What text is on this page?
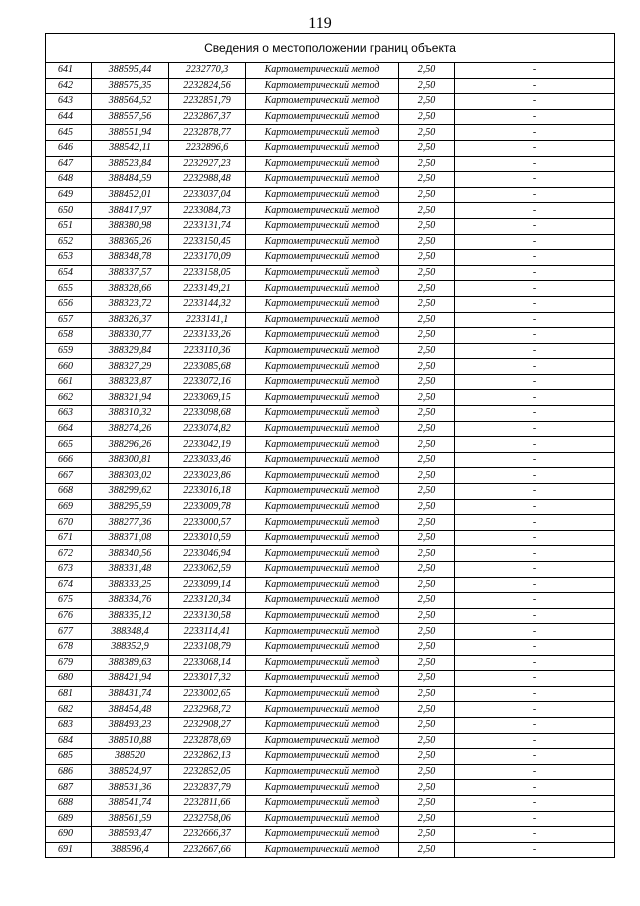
119
Сведения о местоположении границ объекта					
641	388595,44	2232770,3	Картометрический метод	2,50	-
642	388575,35	2232824,56	Картометрический метод	2,50	-
643	388564,52	2232851,79	Картометрический метод	2,50	-
644	388557,56	2232867,37	Картометрический метод	2,50	-
645	388551,94	2232878,77	Картометрический метод	2,50	-
646	388542,11	2232896,6	Картометрический метод	2,50	-
647	388523,84	2232927,23	Картометрический метод	2,50	-
648	388484,59	2232988,48	Картометрический метод	2,50	-
649	388452,01	2233037,04	Картометрический метод	2,50	-
650	388417,97	2233084,73	Картометрический метод	2,50	-
651	388380,98	2233131,74	Картометрический метод	2,50	-
652	388365,26	2233150,45	Картометрический метод	2,50	-
653	388348,78	2233170,09	Картометрический метод	2,50	-
654	388337,57	2233158,05	Картометрический метод	2,50	-
655	388328,66	2233149,21	Картометрический метод	2,50	-
656	388323,72	2233144,32	Картометрический метод	2,50	-
657	388326,37	2233141,1	Картометрический метод	2,50	-
658	388330,77	2233133,26	Картометрический метод	2,50	-
659	388329,84	2233110,36	Картометрический метод	2,50	-
660	388327,29	2233085,68	Картометрический метод	2,50	-
661	388323,87	2233072,16	Картометрический метод	2,50	-
662	388321,94	2233069,15	Картометрический метод	2,50	-
663	388310,32	2233098,68	Картометрический метод	2,50	-
664	388274,26	2233074,82	Картометрический метод	2,50	-
665	388296,26	2233042,19	Картометрический метод	2,50	-
666	388300,81	2233033,46	Картометрический метод	2,50	-
667	388303,02	2233023,86	Картометрический метод	2,50	-
668	388299,62	2233016,18	Картометрический метод	2,50	-
669	388295,59	2233009,78	Картометрический метод	2,50	-
670	388277,36	2233000,57	Картометрический метод	2,50	-
671	388371,08	2233010,59	Картометрический метод	2,50	-
672	388340,56	2233046,94	Картометрический метод	2,50	-
673	388331,48	2233062,59	Картометрический метод	2,50	-
674	388333,25	2233099,14	Картометрический метод	2,50	-
675	388334,76	2233120,34	Картометрический метод	2,50	-
676	388335,12	2233130,58	Картометрический метод	2,50	-
677	388348,4	2233114,41	Картометрический метод	2,50	-
678	388352,9	2233108,79	Картометрический метод	2,50	-
679	388389,63	2233068,14	Картометрический метод	2,50	-
680	388421,94	2233017,32	Картометрический метод	2,50	-
681	388431,74	2233002,65	Картометрический метод	2,50	-
682	388454,48	2232968,72	Картометрический метод	2,50	-
683	388493,23	2232908,27	Картометрический метод	2,50	-
684	388510,88	2232878,69	Картометрический метод	2,50	-
685	388520	2232862,13	Картометрический метод	2,50	-
686	388524,97	2232852,05	Картометрический метод	2,50	-
687	388531,36	2232837,79	Картометрический метод	2,50	-
688	388541,74	2232811,66	Картометрический метод	2,50	-
689	388561,59	2232758,06	Картометрический метод	2,50	-
690	388593,47	2232666,37	Картометрический метод	2,50	-
691	388596,4	2232667,66	Картометрический метод	2,50	-
